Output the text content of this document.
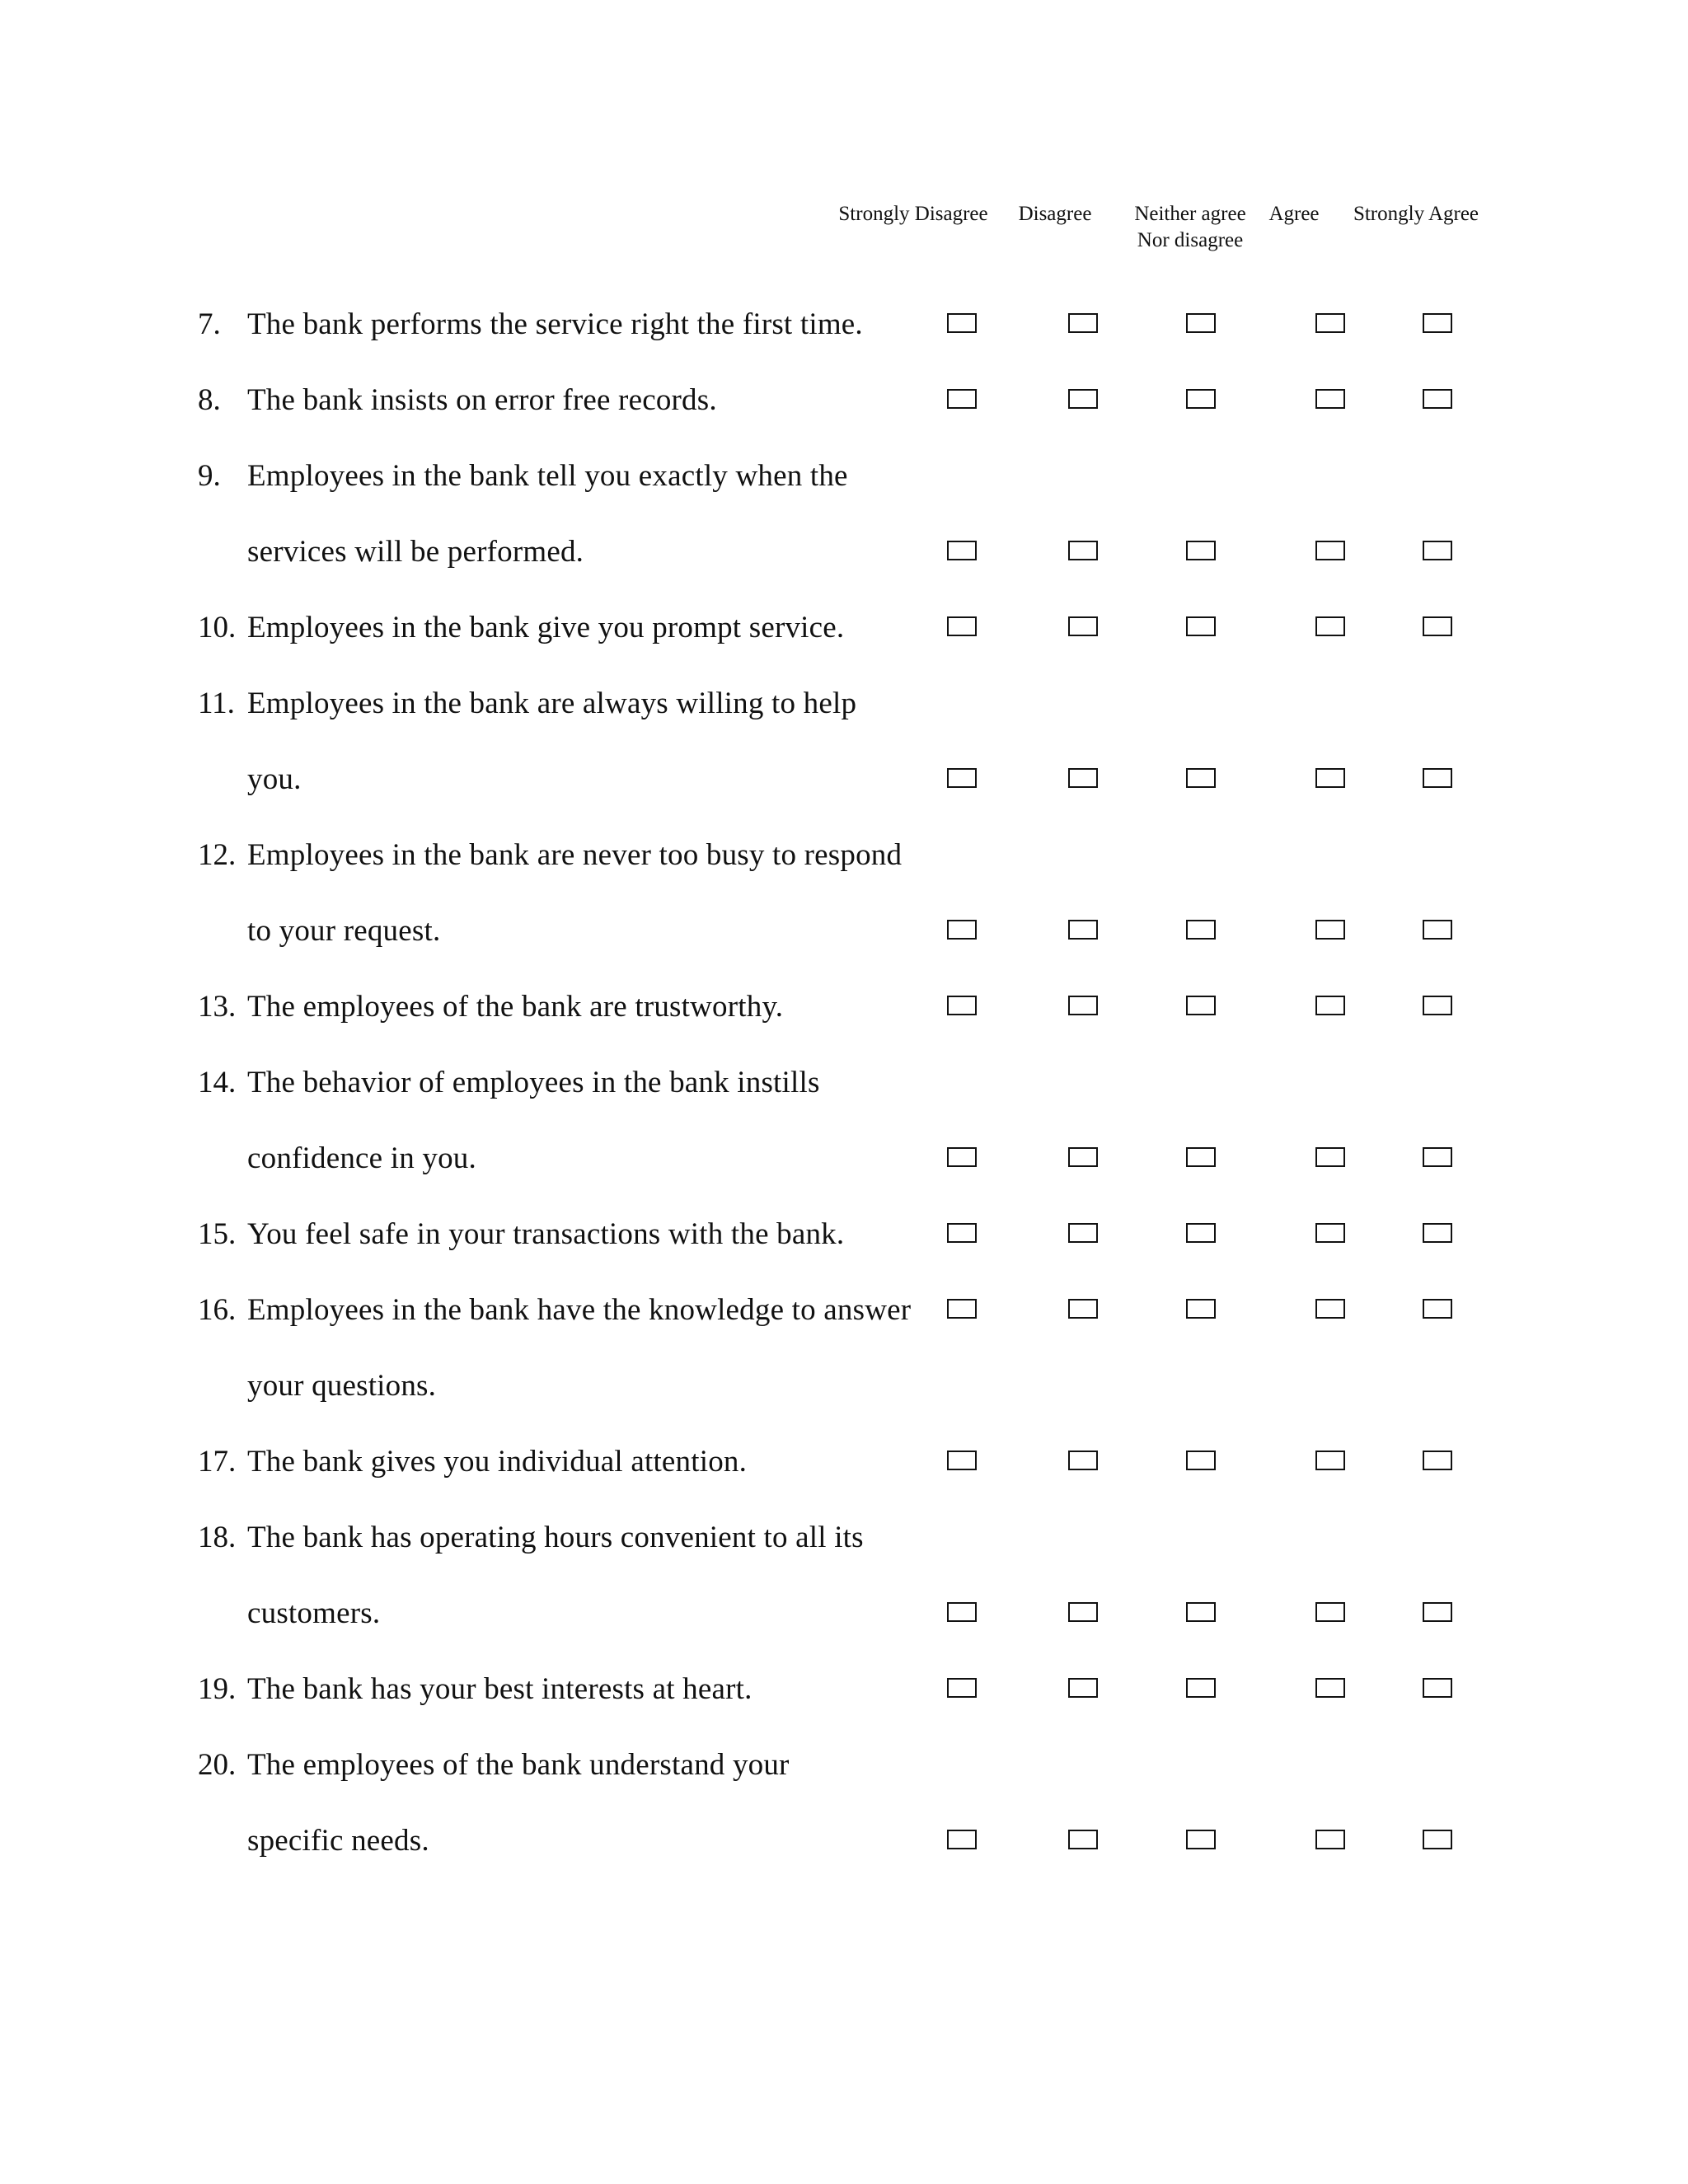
Strongly Disagree Disagree Neither agree
Nor disagree
Agree Strongly Agree
7. The bank performs the service right the first time.
8. The bank insists on error free records.
9. Employees in the bank tell you exactly when the
services will be performed.
10. Employees in the bank give you prompt service.
11. Employees in the bank are always willing to help
you.
12. Employees in the bank are never too busy to respond
to your request.
13. The employees of the bank are trustworthy.
14. The behavior of employees in the bank instills
confidence in you.
15. You feel safe in your transactions with the bank.
16. Employees in the bank have the knowledge to answer
your questions.
17. The bank gives you individual attention.
18. The bank has operating hours convenient to all its
customers.
19. The bank has your best interests at heart.
20. The employees of the bank understand your
specific needs.
